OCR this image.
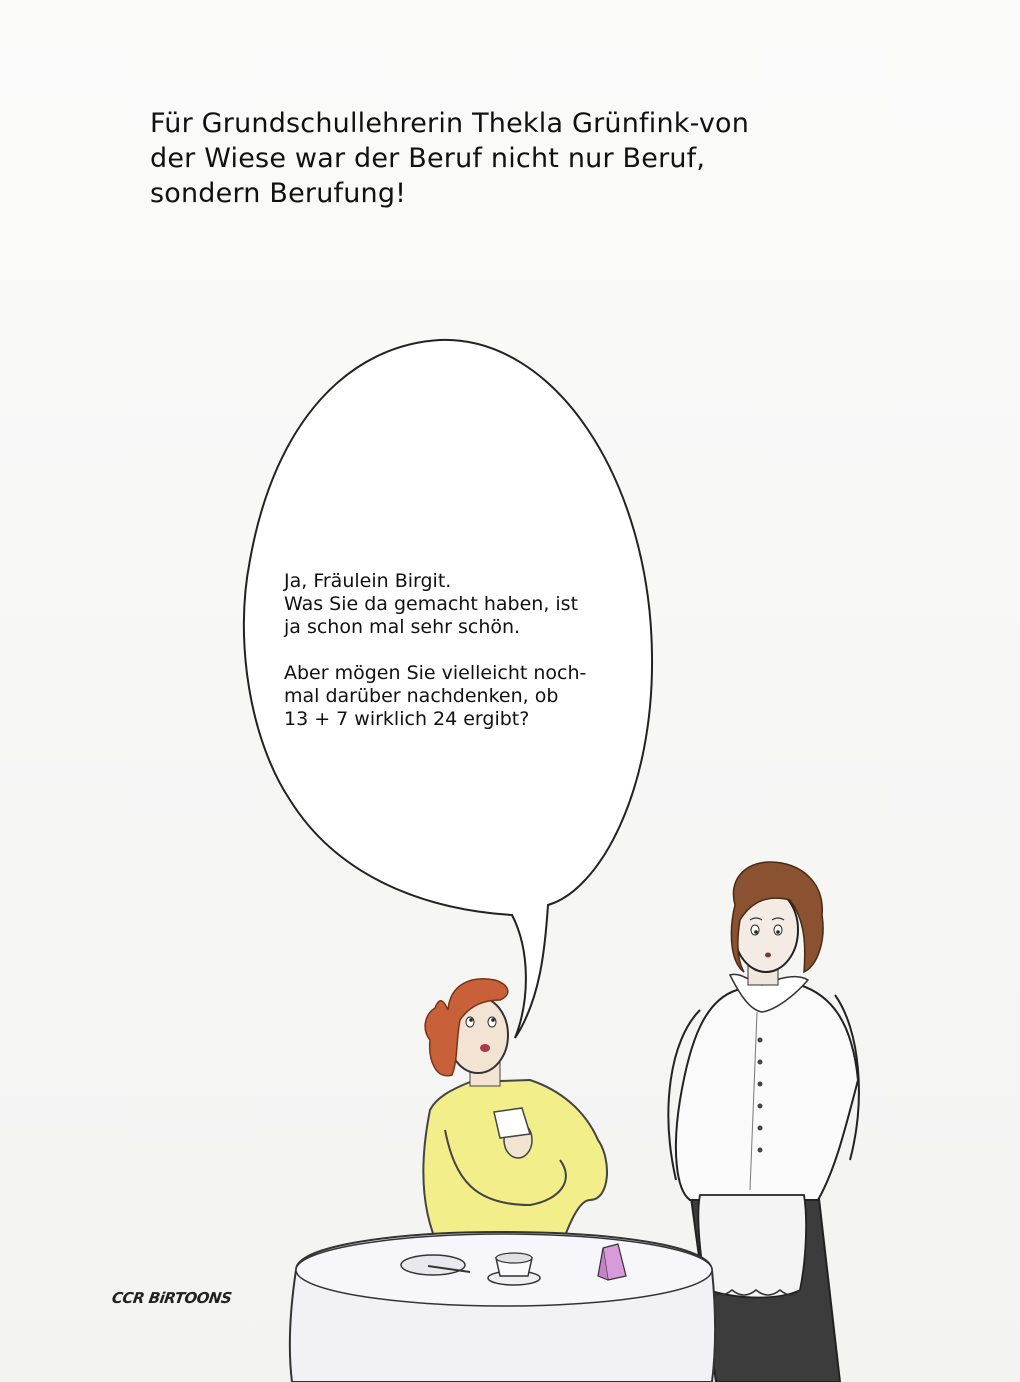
Für Grundschullehrerin Thekla Grünfink-von
der Wiese war der Beruf nicht nur Beruf,
sondern Berufung!
Ja, Fräulein Birgit.
Was Sie da gemacht haben, ist
ja schon mal sehr schön.
Aber mögen Sie vielleicht noch-
mal darüber nachdenken, ob
13 + 7 wirklich 24 ergibt?
CCR BiRTOONS
